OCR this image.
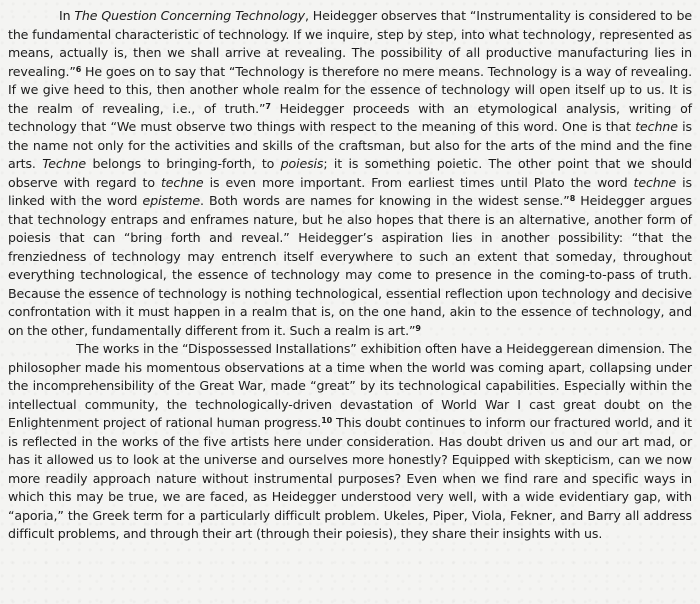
In The Question Concerning Technology, Heidegger observes that “Instrumentality is considered to be the fundamental characteristic of technology. If we inquire, step by step, into what technology, represented as means, actually is, then we shall arrive at revealing. The possibility of all productive manufacturing lies in revealing.”$^6$ He goes on to say that “Technology is therefore no mere means. Technology is a way of revealing. If we give heed to this, then another whole realm for the essence of technology will open itself up to us. It is the realm of revealing, i.e., of truth.”$^7$ Heidegger proceeds with an etymological analysis, writing of technology that “We must observe two things with respect to the meaning of this word. One is that techne is the name not only for the activities and skills of the craftsman, but also for the arts of the mind and the fine arts. Techne belongs to bringing-forth, to poiesis; it is something poietic. The other point that we should observe with regard to techne is even more important. From earliest times until Plato the word techne is linked with the word episteme. Both words are names for knowing in the widest sense.”$^8$ Heidegger argues that technology entraps and enframes nature, but he also hopes that there is an alternative, another form of poiesis that can “bring forth and reveal.” Heidegger’s aspiration lies in another possibility: “that the frenziedness of technology may entrench itself everywhere to such an extent that someday, throughout everything technological, the essence of technology may come to presence in the coming-to-pass of truth. Because the essence of technology is nothing technological, essential reflection upon technology and decisive confrontation with it must happen in a realm that is, on the one hand, akin to the essence of technology, and on the other, fundamentally different from it. Such a realm is art.”$^9$

The works in the “Dispossessed Installations” exhibition often have a Heideggerean dimension. The philosopher made his momentous observations at a time when the world was coming apart, collapsing under the incomprehensibility of the Great War, made “great” by its technological capabilities. Especially within the intellectual community, the technologically-driven devastation of World War I cast great doubt on the Enlightenment project of rational human progress.$^{10}$ This doubt continues to inform our fractured world, and it is reflected in the works of the five artists here under consideration. Has doubt driven us and our art mad, or has it allowed us to look at the universe and ourselves more honestly? Equipped with skepticism, can we now more readily approach nature without instrumental purposes? Even when we find rare and specific ways in which this may be true, we are faced, as Heidegger understood very well, with a wide evidentiary gap, with “aporia,” the Greek term for a particularly difficult problem. Ukeles, Piper, Viola, Fekner, and Barry all address difficult problems, and through their art (through their poiesis), they share their insights with us.
